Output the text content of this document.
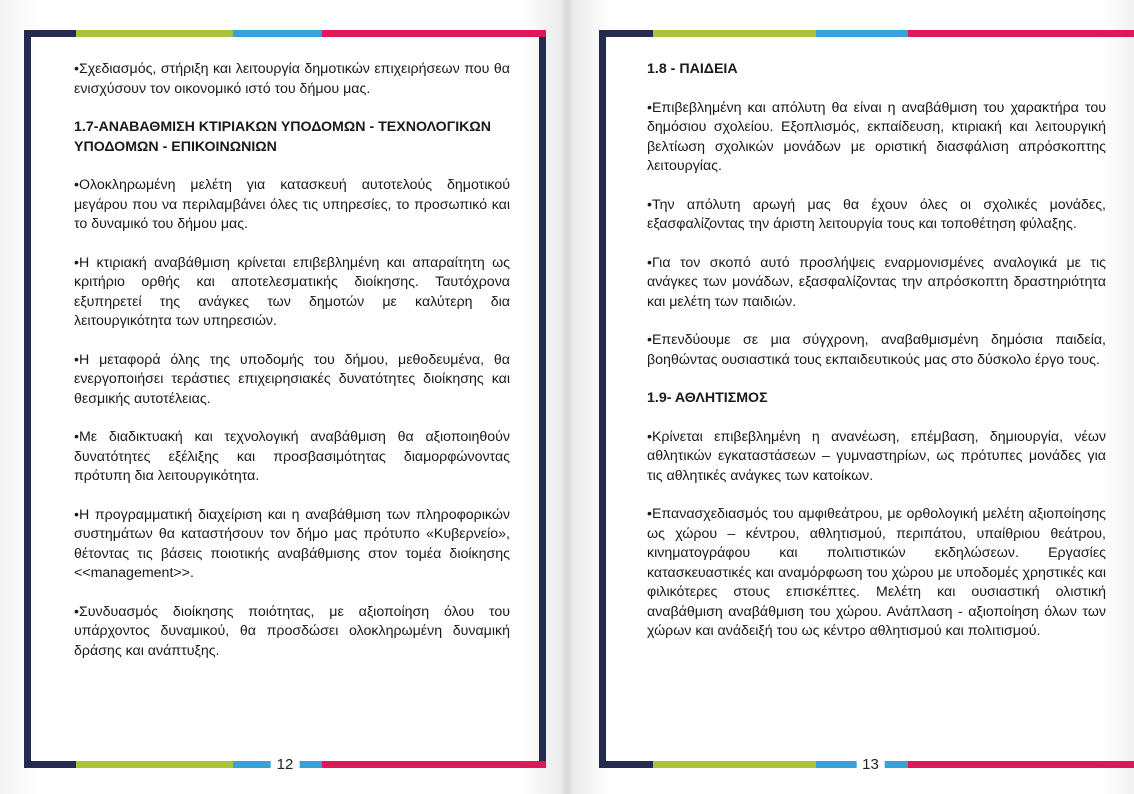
12

• Σχεδιασμός, στήριξη και λειτουργία δημοτικών επιχειρήσεων που θα ενισχύσουν τον οικονομικό ιστό του δήμου μας.

1.7-ΑΝΑΒΑΘΜΙΣΗ ΚΤΙΡΙΑΚΩΝ ΥΠΟΔΟΜΩΝ - ΤΕΧΝΟΛΟΓΙΚΩΝ ΥΠΟΔΟΜΩΝ - ΕΠΙΚΟΙΝΩΝΙΩΝ

• Ολοκληρωμένη μελέτη για κατασκευή αυτοτελούς δημοτικού μεγάρου που να περιλαμβάνει όλες τις υπηρεσίες, το προσωπικό και το δυναμικό του δήμου μας.

• Η κτιριακή αναβάθμιση κρίνεται επιβεβλημένη και απαραίτητη ως κριτήριο ορθής και αποτελεσματικής διοίκησης. Ταυτόχρονα εξυπηρετεί της ανάγκες των δημοτών με καλύτερη δια λειτουργικότητα των υπηρεσιών.

• Η μεταφορά όλης της υποδομής του δήμου, μεθοδευμένα, θα ενεργοποιήσει τεράστιες επιχειρησιακές δυνατότητες διοίκησης και θεσμικής αυτοτέλειας.

• Με διαδικτυακή και τεχνολογική αναβάθμιση θα αξιοποιηθούν δυνατότητες εξέλιξης και προσβασιμότητας διαμορφώνοντας πρότυπη δια λειτουργικότητα.

• Η προγραμματική διαχείριση και η αναβάθμιση των πληροφορικών συστημάτων θα καταστήσουν τον δήμο μας πρότυπο «Κυβερνείο», θέτοντας τις βάσεις ποιοτικής αναβάθμισης στον τομέα διοίκησης <<management>>.

• Συνδυασμός διοίκησης ποιότητας, με αξιοποίηση όλου του υπάρχοντος δυναμικού, θα προσδώσει ολοκληρωμένη δυναμική δράσης και ανάπτυξης.

13
1.8 - ΠΑΙΔΕΙΑ

• Επιβεβλημένη και απόλυτη θα είναι η αναβάθμιση του χαρακτήρα του δημόσιου σχολείου. Εξοπλισμός, εκπαίδευση, κτιριακή και λειτουργική βελτίωση σχολικών μονάδων με οριστική διασφάλιση απρόσκοπτης λειτουργίας.

• Την απόλυτη αρωγή μας θα έχουν όλες οι σχολικές μονάδες, εξασφαλίζοντας την άριστη λειτουργία τους και τοποθέτηση φύλαξης.

• Για τον σκοπό αυτό προσλήψεις εναρμονισμένες αναλογικά με τις ανάγκες των μονάδων, εξασφαλίζοντας την απρόσκοπτη δραστηριότητα και μελέτη των παιδιών.

• Επενδύουμε σε μια σύγχρονη, αναβαθμισμένη δημόσια παιδεία, βοηθώντας ουσιαστικά τους εκπαιδευτικούς μας στο δύσκολο έργο τους.

1.9- ΑΘΛΗΤΙΣΜΟΣ

• Κρίνεται επιβεβλημένη η ανανέωση, επέμβαση, δημιουργία, νέων αθλητικών εγκαταστάσεων – γυμναστηρίων, ως πρότυπες μονάδες για τις αθλητικές ανάγκες των κατοίκων.

• Επανασχεδιασμός του αμφιθεάτρου, με ορθολογική μελέτη αξιοποίησης ως χώρου – κέντρου, αθλητισμού, περιπάτου, υπαίθριου θεάτρου, κινηματογράφου και πολιτιστικών εκδηλώσεων. Εργασίες κατασκευαστικές και αναμόρφωση του χώρου με υποδομές χρηστικές και φιλικότερες στους επισκέπτες. Μελέτη και ουσιαστική ολιστική αναβάθμιση αναβάθμιση του χώρου. Ανάπλαση - αξιοποίηση όλων των χώρων και ανάδειξή του ως κέντρο αθλητισμού και πολιτισμού.
